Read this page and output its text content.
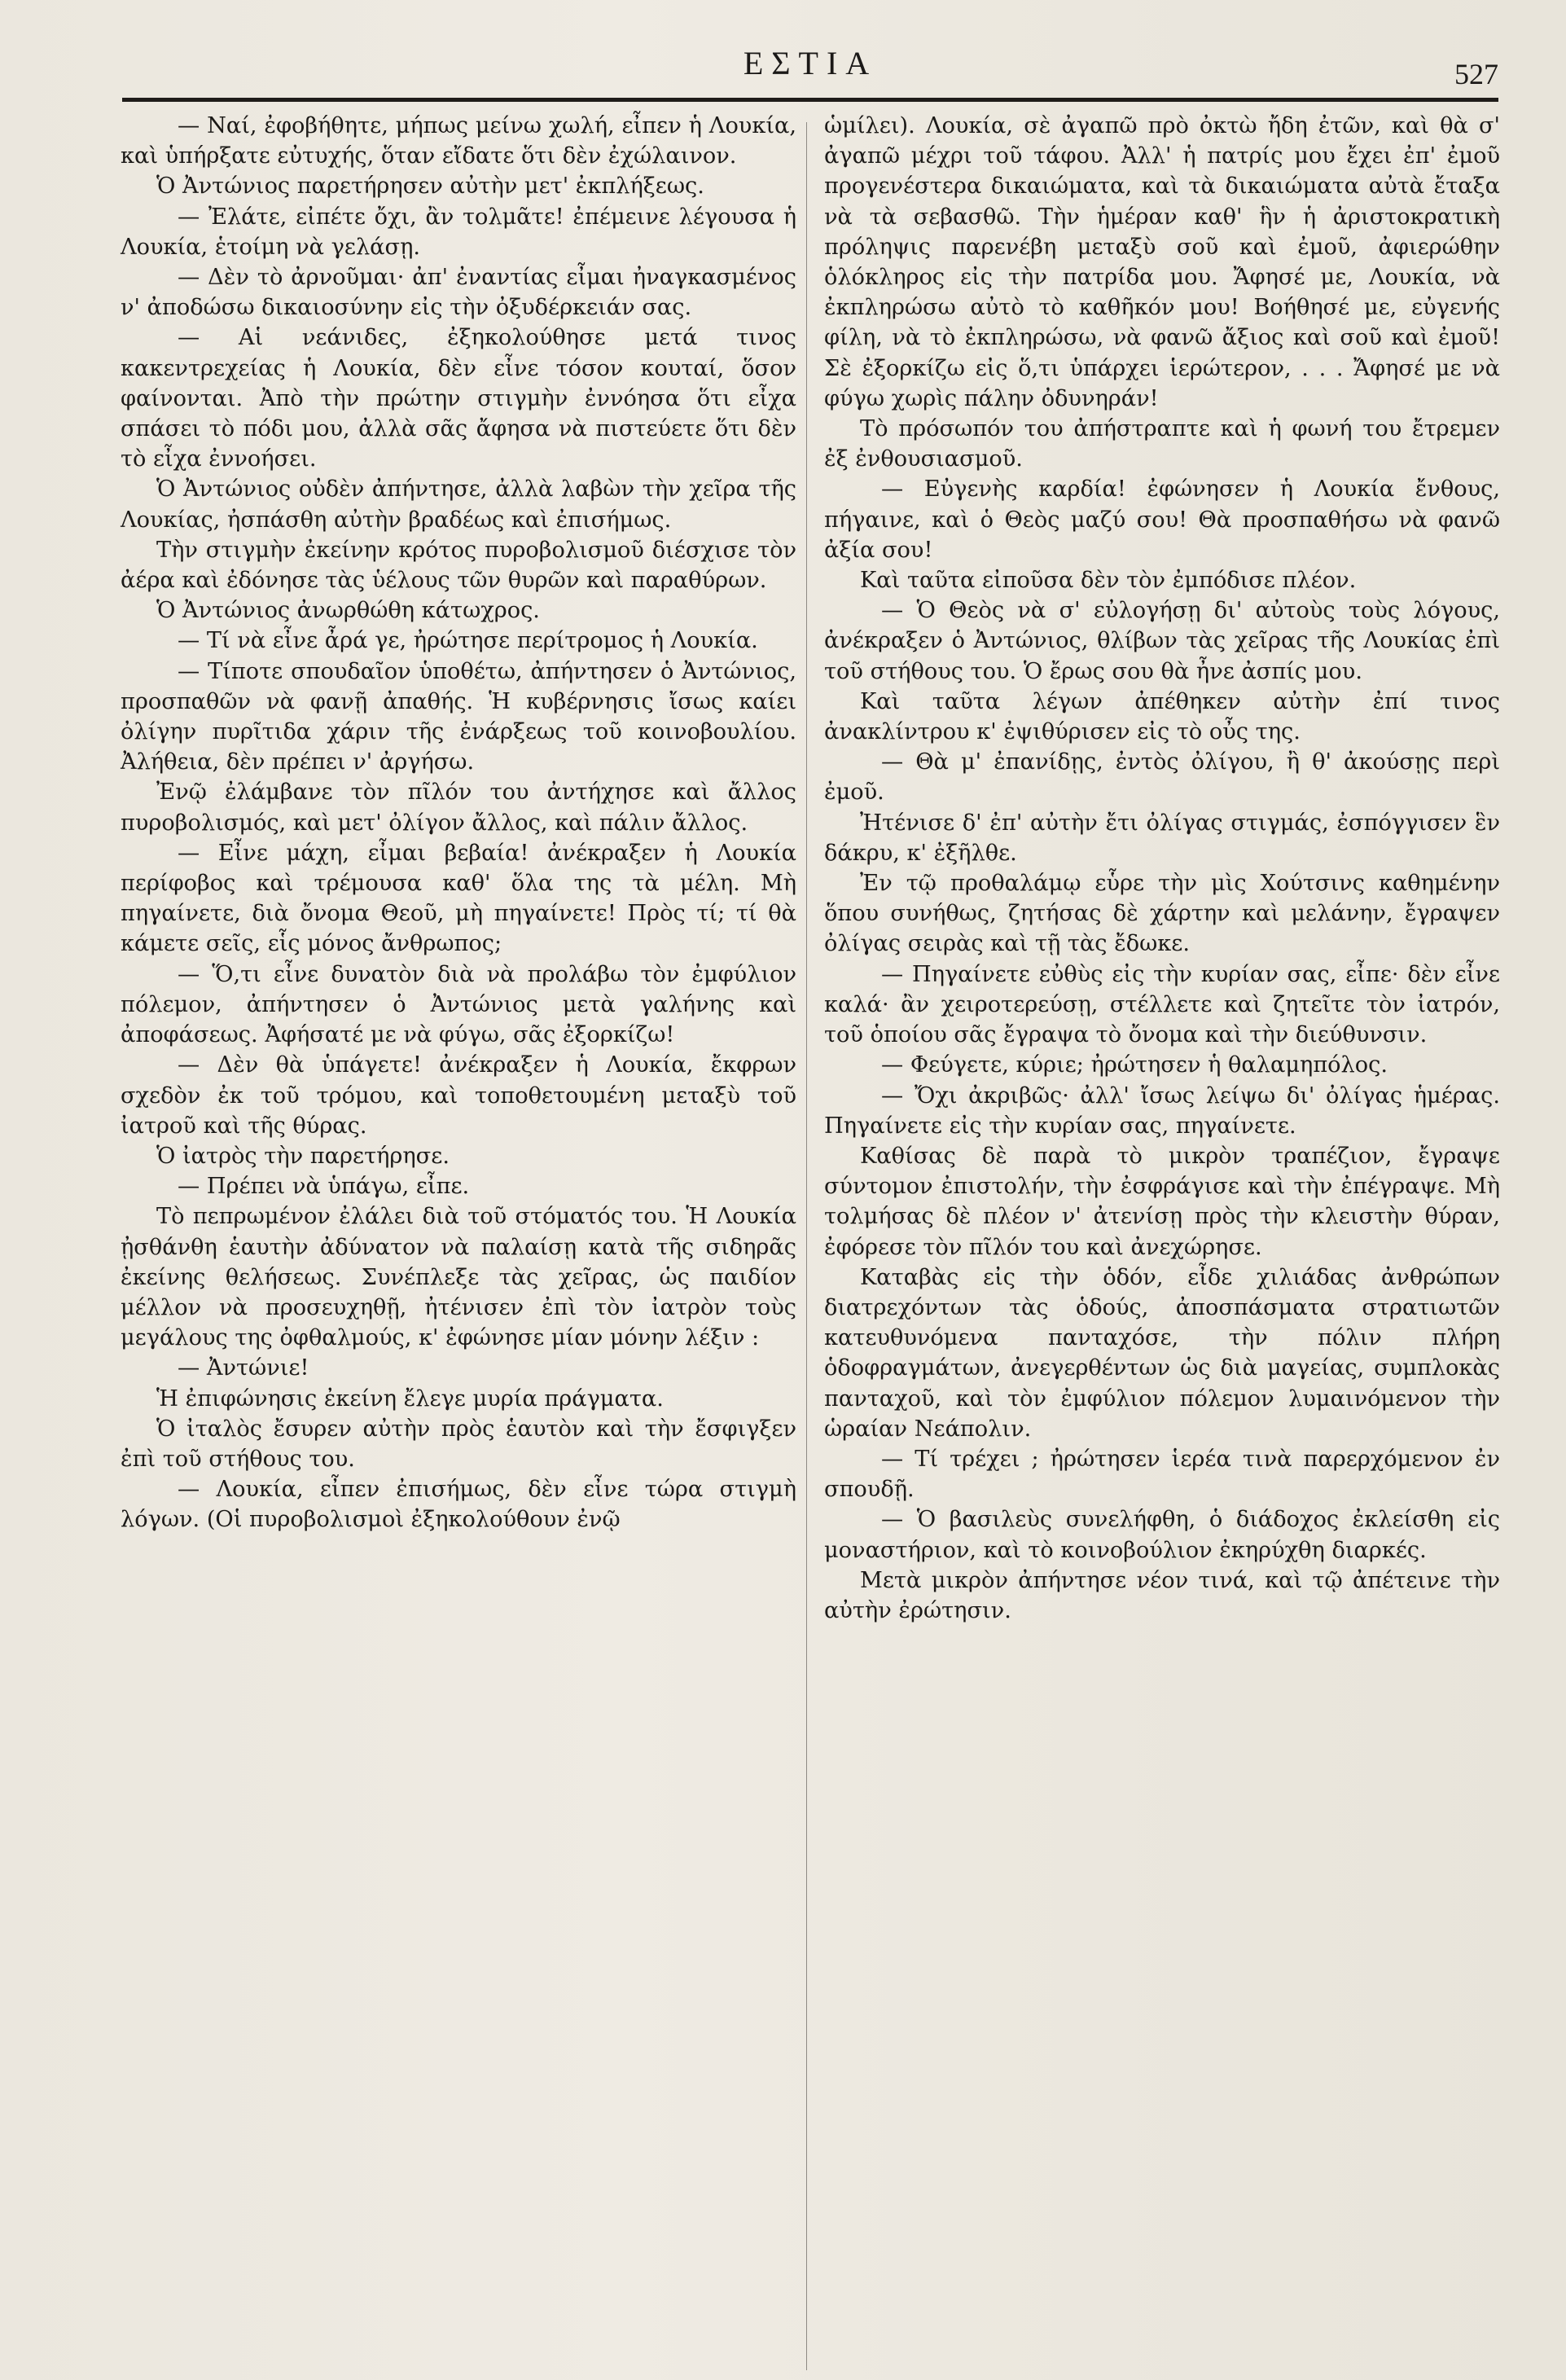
ΕΣΤΙΑ	527

— Ναί, ἐφοβήθητε, μήπως μείνω χωλή, εἶπεν ἡ Λουκία, καὶ ὑπήρξατε εὐτυχής, ὅταν εἴδατε ὅτι δὲν ἐχώλαινον.

Ὁ Ἀντώνιος παρετήρησεν αὐτὴν μετ' ἐκπλήξεως.

— Ἐλάτε, εἰπέτε ὄχι, ἂν τολμᾶτε! ἐπέμεινε λέγουσα ἡ Λουκία, ἑτοίμη νὰ γελάσῃ.

— Δὲν τὸ ἀρνοῦμαι· ἀπ' ἐναντίας εἶμαι ἠναγκασμένος ν' ἀποδώσω δικαιοσύνην εἰς τὴν ὀξυδέρκειάν σας.

— Αἱ νεάνιδες, ἐξηκολούθησε μετά τινος κακεντρεχείας ἡ Λουκία, δὲν εἶνε τόσον κουταί, ὅσον φαίνονται. Ἀπὸ τὴν πρώτην στιγμὴν ἐννόησα ὅτι εἶχα σπάσει τὸ πόδι μου, ἀλλὰ σᾶς ἄφησα νὰ πιστεύετε ὅτι δὲν τὸ εἶχα ἐννοήσει.

Ὁ Ἀντώνιος οὐδὲν ἀπήντησε, ἀλλὰ λαβὼν τὴν χεῖρα τῆς Λουκίας, ἠσπάσθη αὐτὴν βραδέως καὶ ἐπισήμως.

Τὴν στιγμὴν ἐκείνην κρότος πυροβολισμοῦ διέσχισε τὸν ἀέρα καὶ ἐδόνησε τὰς ὑέλους τῶν θυρῶν καὶ παραθύρων.

Ὁ Ἀντώνιος ἀνωρθώθη κάτωχρος.

— Τί νὰ εἶνε ἆρά γε, ἠρώτησε περίτρομος ἡ Λουκία.

— Τίποτε σπουδαῖον ὑποθέτω, ἀπήντησεν ὁ Ἀντώνιος, προσπαθῶν νὰ φανῇ ἀπαθής. Ἡ κυβέρνησις ἴσως καίει ὀλίγην πυρῖτιδα χάριν τῆς ἐνάρξεως τοῦ κοινοβουλίου. Ἀλήθεια, δὲν πρέπει ν' ἀργήσω.

Ἐνῷ ἐλάμβανε τὸν πῖλόν του ἀντήχησε καὶ ἄλλος πυροβολισμός, καὶ μετ' ὀλίγον ἄλλος, καὶ πάλιν ἄλλος.

— Εἶνε μάχη, εἶμαι βεβαία! ἀνέκραξεν ἡ Λουκία περίφοβος καὶ τρέμουσα καθ' ὅλα της τὰ μέλη. Μὴ πηγαίνετε, διὰ ὄνομα Θεοῦ, μὴ πηγαίνετε! Πρὸς τί; τί θὰ κάμετε σεῖς, εἷς μόνος ἄνθρωπος;

— Ὅ,τι εἶνε δυνατὸν διὰ νὰ προλάβω τὸν ἐμφύλιον πόλεμον, ἀπήντησεν ὁ Ἀντώνιος μετὰ γαλήνης καὶ ἀποφάσεως. Ἀφήσατέ με νὰ φύγω, σᾶς ἐξορκίζω!

— Δὲν θὰ ὑπάγετε! ἀνέκραξεν ἡ Λουκία, ἔκφρων σχεδὸν ἐκ τοῦ τρόμου, καὶ τοποθετουμένη μεταξὺ τοῦ ἰατροῦ καὶ τῆς θύρας.

Ὁ ἰατρὸς τὴν παρετήρησε.

— Πρέπει νὰ ὑπάγω, εἶπε.

Τὸ πεπρωμένον ἐλάλει διὰ τοῦ στόματός του. Ἡ Λουκία ᾐσθάνθη ἑαυτὴν ἀδύνατον νὰ παλαίσῃ κατὰ τῆς σιδηρᾶς ἐκείνης θελήσεως. Συνέπλεξε τὰς χεῖρας, ὡς παιδίον μέλλον νὰ προσευχηθῇ, ἠτένισεν ἐπὶ τὸν ἰατρὸν τοὺς μεγάλους της ὀφθαλμούς, κ' ἐφώνησε μίαν μόνην λέξιν :

— Ἀντώνιε!

Ἡ ἐπιφώνησις ἐκείνη ἔλεγε μυρία πράγματα.

Ὁ ἰταλὸς ἔσυρεν αὐτὴν πρὸς ἑαυτὸν καὶ τὴν ἔσφιγξεν ἐπὶ τοῦ στήθους του.

— Λουκία, εἶπεν ἐπισήμως, δὲν εἶνε τώρα στιγμὴ λόγων. (Οἱ πυροβολισμοὶ ἐξηκολούθουν ἐνῷ

ὡμίλει). Λουκία, σὲ ἀγαπῶ πρὸ ὀκτὼ ἤδη ἐτῶν, καὶ θὰ σ' ἀγαπῶ μέχρι τοῦ τάφου. Ἀλλ' ἡ πατρίς μου ἔχει ἐπ' ἐμοῦ προγενέστερα δικαιώματα, καὶ τὰ δικαιώματα αὐτὰ ἔταξα νὰ τὰ σεβασθῶ. Τὴν ἡμέραν καθ' ἣν ἡ ἀριστοκρατικὴ πρόληψις παρενέβη μεταξὺ σοῦ καὶ ἐμοῦ, ἀφιερώθην ὁλόκληρος εἰς τὴν πατρίδα μου. Ἄφησέ με, Λουκία, νὰ ἐκπληρώσω αὐτὸ τὸ καθῆκόν μου! Βοήθησέ με, εὐγενής φίλη, νὰ τὸ ἐκπληρώσω, νὰ φανῶ ἄξιος καὶ σοῦ καὶ ἐμοῦ! Σὲ ἐξορκίζω εἰς ὅ,τι ὑπάρχει ἱερώτερον, . . . Ἄφησέ με νὰ φύγω χωρὶς πάλην ὀδυνηράν!

Τὸ πρόσωπόν του ἀπήστραπτε καὶ ἡ φωνή του ἔτρεμεν ἐξ ἐνθουσιασμοῦ.

— Εὐγενὴς καρδία! ἐφώνησεν ἡ Λουκία ἔνθους, πήγαινε, καὶ ὁ Θεὸς μαζύ σου! Θὰ προσπαθήσω νὰ φανῶ ἀξία σου!

Καὶ ταῦτα εἰποῦσα δὲν τὸν ἐμπόδισε πλέον.

— Ὁ Θεὸς νὰ σ' εὐλογήσῃ δι' αὐτοὺς τοὺς λόγους, ἀνέκραξεν ὁ Ἀντώνιος, θλίβων τὰς χεῖρας τῆς Λουκίας ἐπὶ τοῦ στήθους του. Ὁ ἔρως σου θὰ ἦνε ἀσπίς μου.

Καὶ ταῦτα λέγων ἀπέθηκεν αὐτὴν ἐπί τινος ἀνακλίντρου κ' ἐψιθύρισεν εἰς τὸ οὖς της.

— Θὰ μ' ἐπανίδῃς, ἐντὸς ὀλίγου, ἢ θ' ἀκούσῃς περὶ ἐμοῦ.

Ἠτένισε δ' ἐπ' αὐτὴν ἔτι ὀλίγας στιγμάς, ἐσπόγγισεν ἓν δάκρυ, κ' ἐξῆλθε.

Ἐν τῷ προθαλάμῳ εὗρε τὴν μὶς Χούτσινς καθημένην ὅπου συνήθως, ζητήσας δὲ χάρτην καὶ μελάνην, ἔγραψεν ὀλίγας σειρὰς καὶ τῇ τὰς ἔδωκε.

— Πηγαίνετε εὐθὺς εἰς τὴν κυρίαν σας, εἶπε· δὲν εἶνε καλά· ἂν χειροτερεύσῃ, στέλλετε καὶ ζητεῖτε τὸν ἰατρόν, τοῦ ὁποίου σᾶς ἔγραψα τὸ ὄνομα καὶ τὴν διεύθυνσιν.

— Φεύγετε, κύριε; ἠρώτησεν ἡ θαλαμηπόλος.

— Ὄχι ἀκριβῶς· ἀλλ' ἴσως λείψω δι' ὀλίγας ἡμέρας. Πηγαίνετε εἰς τὴν κυρίαν σας, πηγαίνετε.

Καθίσας δὲ παρὰ τὸ μικρὸν τραπέζιον, ἔγραψε σύντομον ἐπιστολήν, τὴν ἐσφράγισε καὶ τὴν ἐπέγραψε. Μὴ τολμήσας δὲ πλέον ν' ἀτενίσῃ πρὸς τὴν κλειστὴν θύραν, ἐφόρεσε τὸν πῖλόν του καὶ ἀνεχώρησε.

Καταβὰς εἰς τὴν ὁδόν, εἶδε χιλιάδας ἀνθρώπων διατρεχόντων τὰς ὁδούς, ἀποσπάσματα στρατιωτῶν κατευθυνόμενα πανταχόσε, τὴν πόλιν πλήρη ὁδοφραγμάτων, ἀνεγερθέντων ὡς διὰ μαγείας, συμπλοκὰς πανταχοῦ, καὶ τὸν ἐμφύλιον πόλεμον λυμαινόμενον τὴν ὡραίαν Νεάπολιν.

— Τί τρέχει ; ἠρώτησεν ἱερέα τινὰ παρερχόμενον ἐν σπουδῇ.

— Ὁ βασιλεὺς συνελήφθη, ὁ διάδοχος ἐκλείσθη εἰς μοναστήριον, καὶ τὸ κοινοβούλιον ἐκηρύχθη διαρκές.

Μετὰ μικρὸν ἀπήντησε νέον τινά, καὶ τῷ ἀπέτεινε τὴν αὐτὴν ἐρώτησιν.
